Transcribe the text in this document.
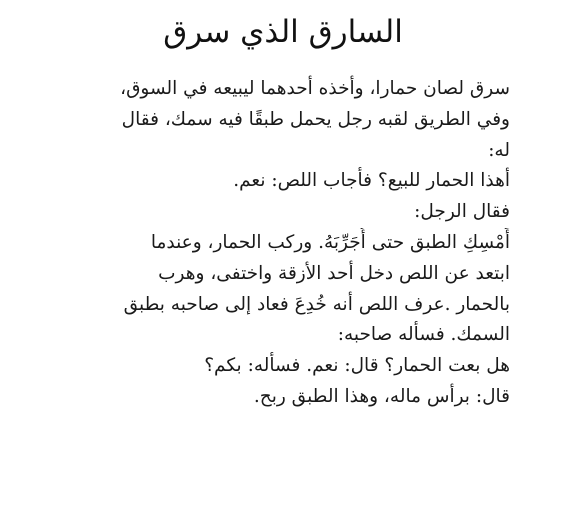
السارق الذي سرق
سرق لصان حمارا، وأخذه أحدهما ليبيعه في السوق،
وفي الطريق لقبه رجل يحمل طبقًا فيه سمك، فقال
له:
أهذا الحمار للبيع؟ فأجاب اللص: نعم.
فقال الرجل:
أَمْسِكِ الطبق حتى أُجَرِّبَهُ. وركب الحمار، وعندما
ابتعد عن اللص دخل أحد الأزقة واختفى، وهرب
بالحمار .عرف اللص أنه خُدِعَ فعاد إلى صاحبه بطبق
السمك. فسأله صاحبه:
هل بعت الحمار؟ قال: نعم. فسأله: بكم؟
قال: برأس ماله، وهذا الطبق ربح.
